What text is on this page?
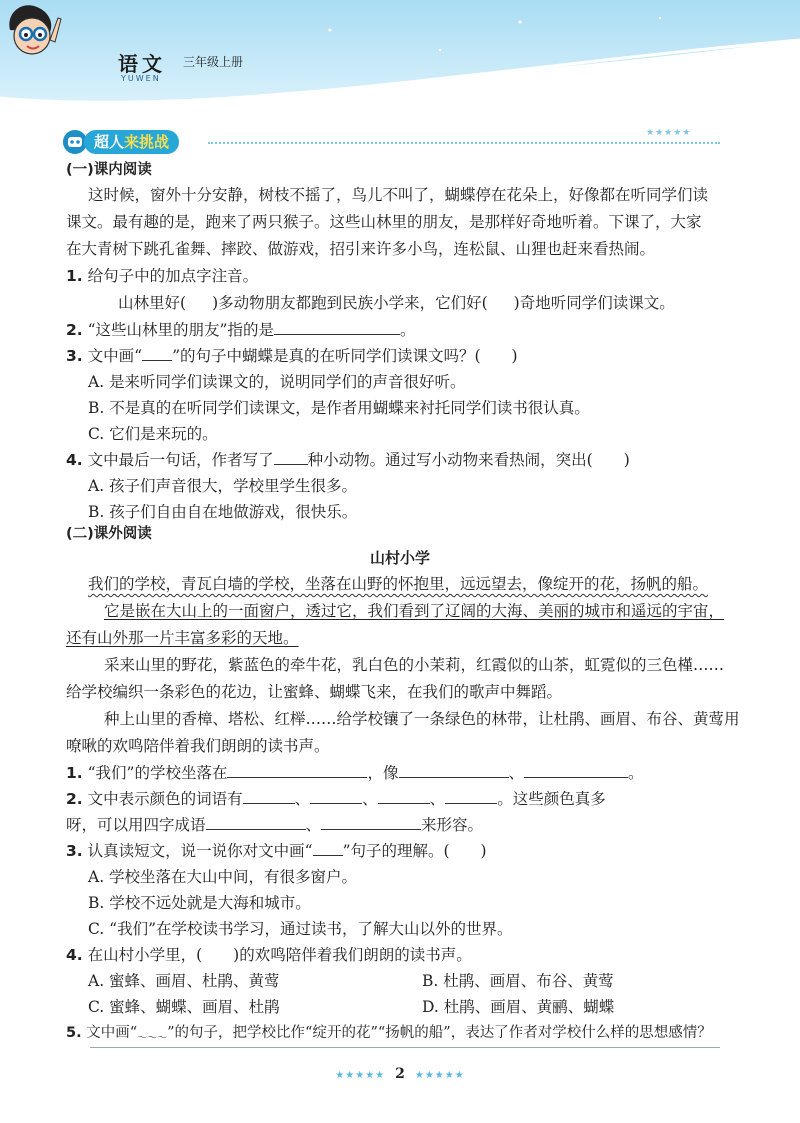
语文
YUWEN
三年级上册
超人来挑战	★★★★★
(一)课内阅读
这时候，窗外十分安静，树枝不摇了，鸟儿不叫了，蝴蝶停在花朵上，好像都在听同学们读
课文。最有趣的是，跑来了两只猴子。这些山林里的朋友，是那样好奇地听着。下课了，大家
在大青树下跳孔雀舞、摔跤、做游戏，招引来许多小鸟，连松鼠、山狸也赶来看热闹。
1. 给句子中的加点字注音。
山林里好( )多动物朋友都跑到民族小学来，它们好( )奇地听同学们读课文。
2. “这些山林里的朋友”指的是	。
3. 文中画“ ”的句子中蝴蝶是真的在听同学们读课文吗？(　　)
A. 是来听同学们读课文的，说明同学们的声音很好听。
B. 不是真的在听同学们读课文，是作者用蝴蝶来衬托同学们读书很认真。
C. 它们是来玩的。
4. 文中最后一句话，作者写了 种小动物。通过写小动物来看热闹，突出(　　)
A. 孩子们声音很大，学校里学生很多。
B. 孩子们自由自在地做游戏，很快乐。
(二)课外阅读
山村小学
我们的学校，青瓦白墙的学校，坐落在山野的怀抱里，远远望去，像绽开的花，扬帆的船。
它是嵌在大山上的一面窗户，透过它，我们看到了辽阔的大海、美丽的城市和遥远的宇宙，
还有山外那一片丰富多彩的天地。
采来山里的野花，紫蓝色的牵牛花，乳白色的小茉莉，红霞似的山茶，虹霓似的三色槿……
给学校编织一条彩色的花边，让蜜蜂、蝴蝶飞来，在我们的歌声中舞蹈。
种上山里的香樟、塔松、红榉……给学校镶了一条绿色的林带，让杜鹃、画眉、布谷、黄莺用
嘹啾的欢鸣陪伴着我们朗朗的读书声。
1. “我们”的学校坐落在	，像	、	。
2. 文中表示颜色的词语有	、	、	、	。这些颜色真多
呀，可以用四字成语	、	来形容。
3. 认真读短文，说一说你对文中画“ ”句子的理解。(　　)
A. 学校坐落在大山中间，有很多窗户。
B. 学校不远处就是大海和城市。
C. “我们”在学校读书学习，通过读书，了解大山以外的世界。
4. 在山村小学里，(　　)的欢鸣陪伴着我们朗朗的读书声。
A. 蜜蜂、画眉、杜鹃、黄莺	B. 杜鹃、画眉、布谷、黄莺
C. 蜜蜂、蝴蝶、画眉、杜鹃	D. 杜鹃、画眉、黄鹂、蝴蝶
5. 文中画“$_{\sim\sim\sim}$”的句子，把学校比作“绽开的花”“扬帆的船”，表达了作者对学校什么样的思想感情？
★★★★★ 2 ★★★★★
